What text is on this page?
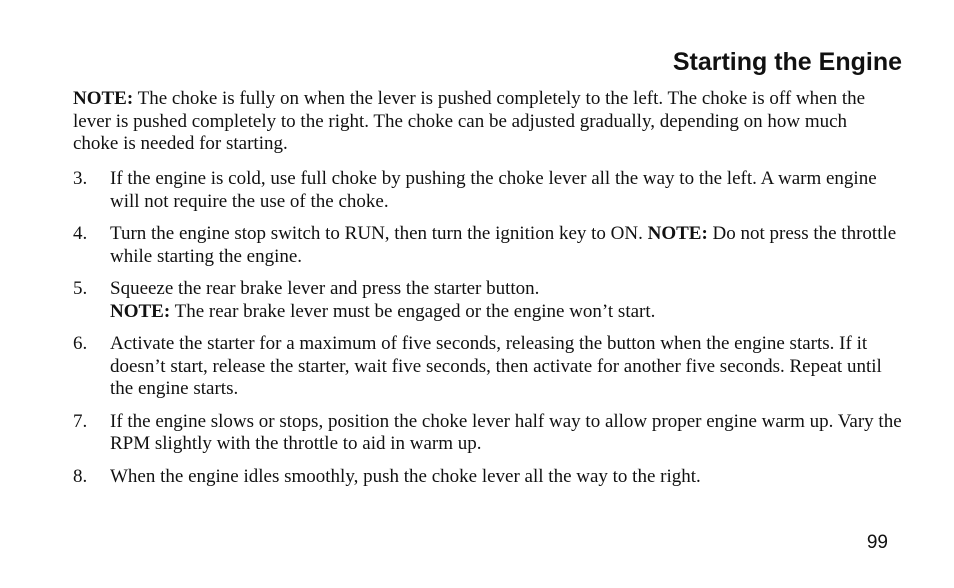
Starting the Engine

NOTE: The choke is fully on when the lever is pushed completely to the left. The choke is off when the lever is pushed completely to the right. The choke can be adjusted gradually, depending on how much choke is needed for starting.

3.	If the engine is cold, use full choke by pushing the choke lever all the way to the left. A warm engine will not require the use of the choke.
4.	Turn the engine stop switch to RUN, then turn the ignition key to ON. NOTE: Do not press the throttle while starting the engine.
5.	Squeeze the rear brake lever and press the starter button.
NOTE: The rear brake lever must be engaged or the engine won’t start.
6.	Activate the starter for a maximum of five seconds, releasing the button when the engine starts. If it doesn’t start, release the starter, wait five seconds, then activate for another five seconds. Repeat until the engine starts.
7.	If the engine slows or stops, position the choke lever half way to allow proper engine warm up. Vary the RPM slightly with the throttle to aid in warm up.
8.	When the engine idles smoothly, push the choke lever all the way to the right.
99
